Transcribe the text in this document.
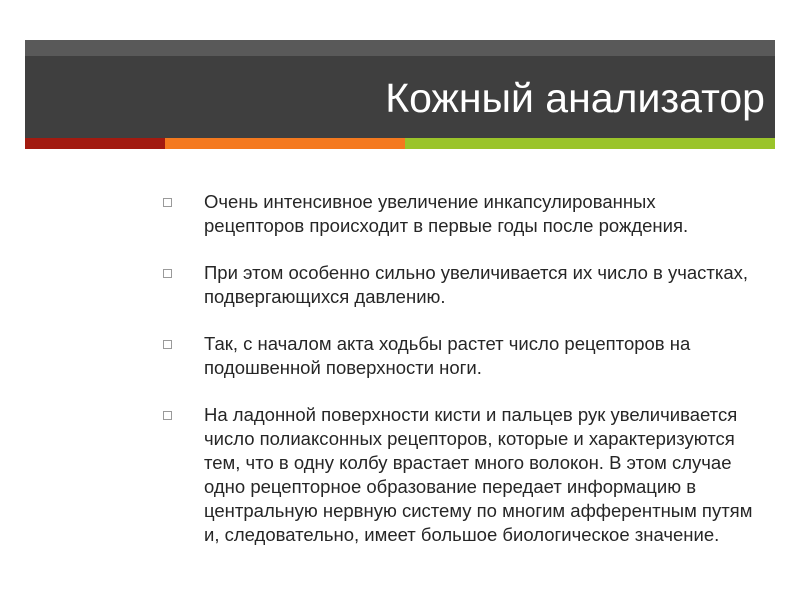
Кожный анализатор
Очень интенсивное увеличение инкапсулированных рецепторов происходит в первые годы после рождения.
При этом особенно сильно увеличивается их число в участках, подвергающихся давлению.
Так, с началом акта ходьбы растет число рецепторов на подошвенной поверхности ноги.
На ладонной поверхности кисти и пальцев рук увеличивается число полиаксонных рецепторов, которые и характеризуются тем, что в одну колбу врастает много волокон. В этом случае одно рецепторное образование передает информацию в центральную нервную систему по многим афферентным путям и, следовательно, имеет большое биологическое значение.
